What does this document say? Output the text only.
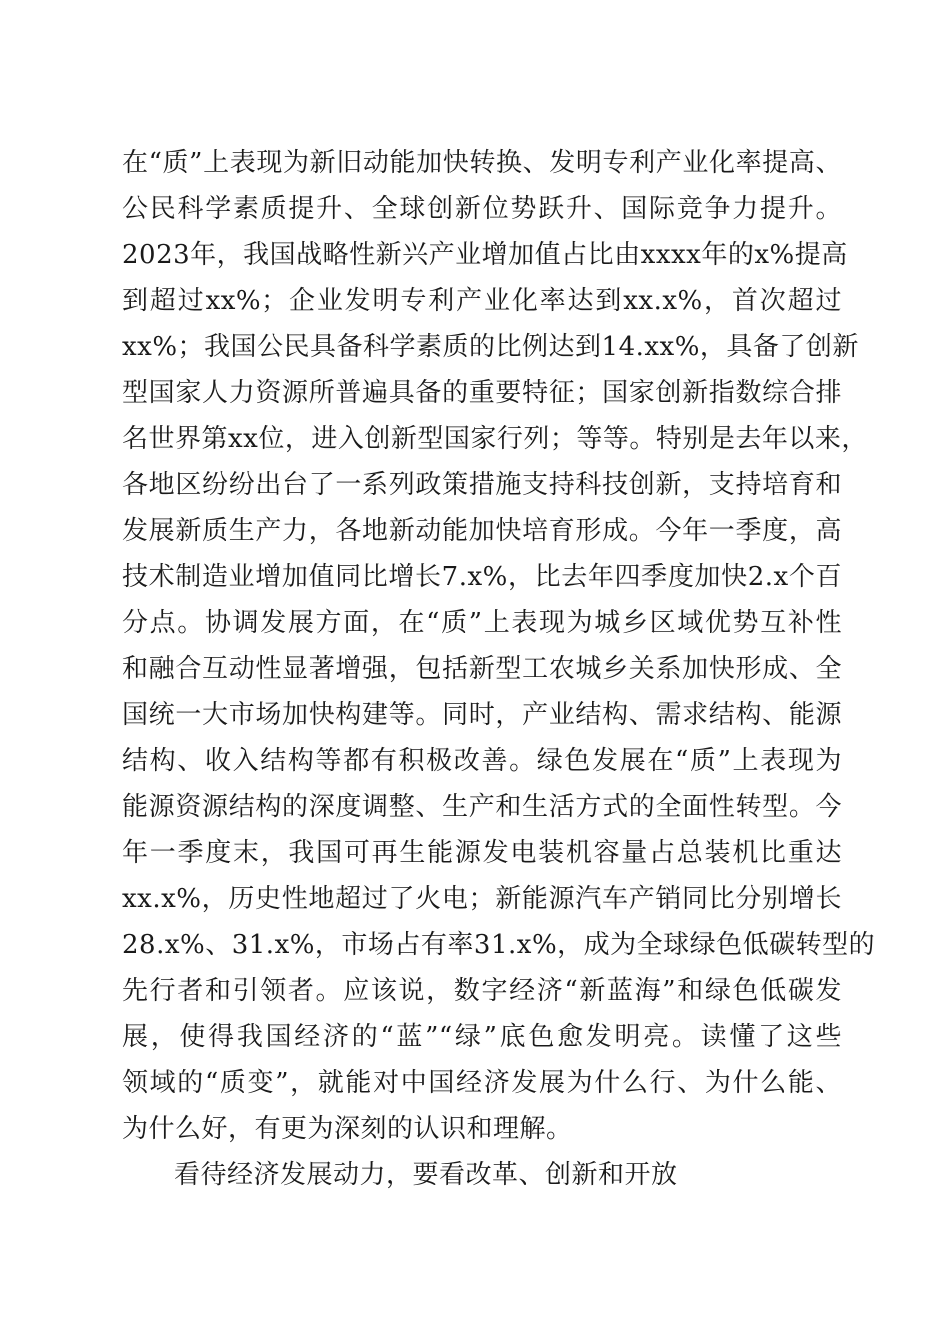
在“质”上表现为新旧动能加快转换、发明专利产业化率提高、
公民科学素质提升、全球创新位势跃升、国际竞争力提升。
2023年，我国战略性新兴产业增加值占比由xxxx年的x%提高
到超过xx%；企业发明专利产业化率达到xx.x%，首次超过
xx%；我国公民具备科学素质的比例达到14.xx%，具备了创新
型国家人力资源所普遍具备的重要特征；国家创新指数综合排
名世界第xx位，进入创新型国家行列；等等。特别是去年以来，
各地区纷纷出台了一系列政策措施支持科技创新，支持培育和
发展新质生产力，各地新动能加快培育形成。今年一季度，高
技术制造业增加值同比增长7.x%，比去年四季度加快2.x个百
分点。协调发展方面，在“质”上表现为城乡区域优势互补性
和融合互动性显著增强，包括新型工农城乡关系加快形成、全
国统一大市场加快构建等。同时，产业结构、需求结构、能源
结构、收入结构等都有积极改善。绿色发展在“质”上表现为
能源资源结构的深度调整、生产和生活方式的全面性转型。今
年一季度末，我国可再生能源发电装机容量占总装机比重达
xx.x%，历史性地超过了火电；新能源汽车产销同比分别增长
28.x%、31.x%，市场占有率31.x%，成为全球绿色低碳转型的
先行者和引领者。应该说，数字经济“新蓝海”和绿色低碳发
展，使得我国经济的“蓝”“绿”底色愈发明亮。读懂了这些
领域的“质变”，就能对中国经济发展为什么行、为什么能、
为什么好，有更为深刻的认识和理解。
看待经济发展动力，要看改革、创新和开放
